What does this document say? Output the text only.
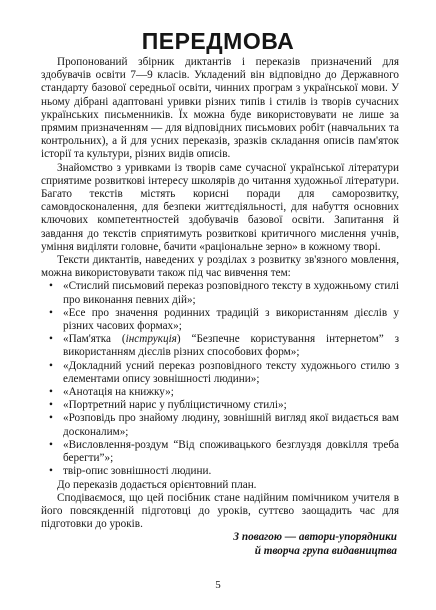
ПЕРЕДМОВА

Пропонований збірник диктантів і переказів призначений для здобувачів освіти 7—9 класів. Укладений він відповідно до Державного стандарту базової середньої освіти, чинних програм з української мови. У ньому дібрані адаптовані уривки різних типів і стилів із творів сучасних українських письменників. Їх можна буде використовувати не лише за прямим призначенням — для відповідних письмових робіт (навчальних та контрольних), а й для усних переказів, зразків складання описів пам'яток історії та культури, різних видів описів.

Знайомство з уривками із творів саме сучасної української літератури сприятиме розвиткові інтересу школярів до читання художньої літератури. Багато текстів містять корисні поради для саморозвитку, самовдосконалення, для безпеки життєдіяльності, для набуття основних ключових компетентностей здобувачів базової освіти. Запитання й завдання до текстів сприятимуть розвиткові критичного мислення учнів, уміння виділяти головне, бачити «раціональне зерно» в кожному творі.

Тексти диктантів, наведених у розділах з розвитку зв'язного мовлення, можна використовувати також під час вивчення тем:

• «Стислий письмовий переказ розповідного тексту в художньому стилі про виконання певних дій»;
• «Есе про значення родинних традицій з використанням дієслів у різних часових формах»;
• «Пам'ятка (інструкція) “Безпечне користування інтернетом” з використанням дієслів різних способових форм»;
• «Докладний усний переказ розповідного тексту художнього стилю з елементами опису зовнішності людини»;
• «Анотація на книжку»;
• «Портретний нарис у публіцистичному стилі»;
• «Розповідь про знайому людину, зовнішній вигляд якої видається вам досконалим»;
• «Висловлення-роздум “Від споживацького безглуздя довкілля треба берегти”»;
• твір-опис зовнішності людини.

До переказів додається орієнтовний план.

Сподіваємося, що цей посібник стане надійним помічником учителя в його повсякденній підготовці до уроків, суттєво заощадить час для підготовки до уроків.

З повагою — автори-упорядники
й творча група видавництва
5
